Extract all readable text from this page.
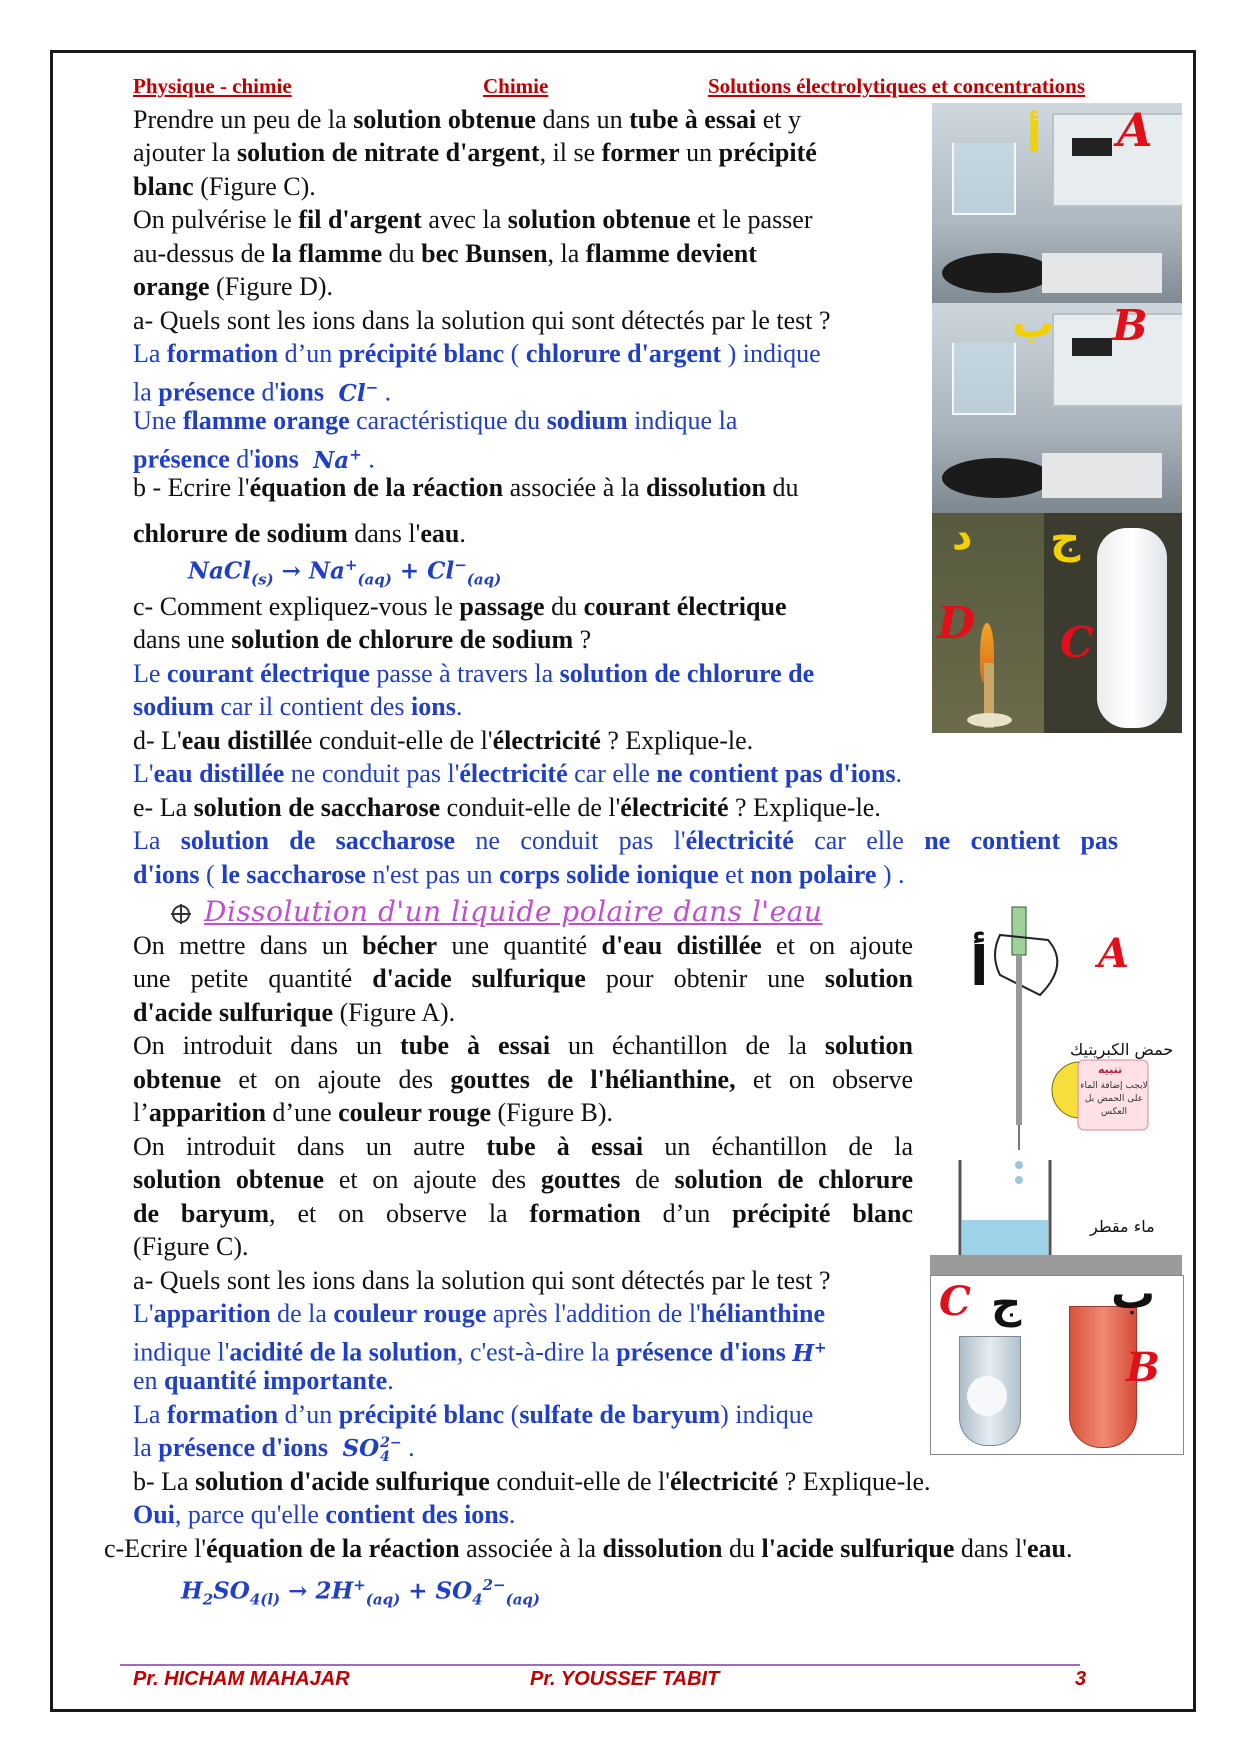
Physique - chimie	Chimie	Solutions électrolytiques et concentrations
Prendre un peu de la solution obtenue dans un tube à essai et y
ajouter la solution de nitrate d'argent, il se former un précipité
blanc (Figure C).
On pulvérise le fil d'argent avec la solution obtenue et le passer
au-dessus de la flamme du bec Bunsen, la flamme devient
orange (Figure D).
a- Quels sont les ions dans la solution qui sont détectés par le test ?
La formation d’un précipité blanc ( chlorure d'argent ) indique
la présence d'ions  Cl− .
Une flamme orange caractéristique du sodium indique la
présence d'ions  Na+ .
b - Ecrire l'équation de la réaction associée à la dissolution du
chlorure de sodium dans l'eau.
NaCl$_{(s)}$ → $Na^+_{(aq)} + Cl^-_{(aq)}$
c- Comment expliquez-vous le passage du courant électrique
dans une solution de chlorure de sodium ?
Le courant électrique passe à travers la solution de chlorure de
sodium car il contient des ions.
d- L'eau distillée conduit-elle de l'électricité ? Explique-le.
L'eau distillée ne conduit pas l'électricité car elle ne contient pas d'ions.
e- La solution de saccharose conduit-elle de l'électricité ? Explique-le.
La solution de saccharose ne conduit pas l'électricité car elle ne contient pas
d'ions ( le saccharose n'est pas un corps solide ionique et non polaire ) .
Dissolution d'un liquide polaire dans l'eau
On mettre dans un bécher une quantité d'eau distillée et on ajoute
une petite quantité d'acide sulfurique pour obtenir une solution
d'acide sulfurique (Figure A).
On introduit dans un tube à essai un échantillon de la solution
obtenue et on ajoute des gouttes de l'hélianthine, et on observe
l’apparition d’une couleur rouge (Figure B).
On introduit dans un autre tube à essai un échantillon de la
solution obtenue et on ajoute des gouttes de solution de chlorure
de baryum, et on observe la formation d’un précipité blanc
(Figure C).
a- Quels sont les ions dans la solution qui sont détectés par le test ?
L'apparition de la couleur rouge après l'addition de l'hélianthine
indique l'acidité de la solution, c'est-à-dire la présence d'ions H+
en quantité importante.
La formation d’un précipité blanc (sulfate de baryum) indique
la présence d'ions  SO 2−
4 .
b- La solution d'acide sulfurique conduit-elle de l'électricité ? Explique-le.
Oui, parce qu'elle contient des ions.
c-Ecrire l'équation de la réaction associée à la dissolution du l'acide sulfurique dans l'eau.
$H_2SO_{4(l)} \to 2H^+_{(aq)} + SO_4^{2-}_{(aq)}$
أ A
ب B
د ج
D C
أ	A
حمض الكبريتيك
تنبيه
لايجب إضافة الماء
على الحمض بل
العكس
ماء مقطر
C ج ب
B
Pr. HICHAM MAHAJAR	Pr. YOUSSEF TABIT	3
